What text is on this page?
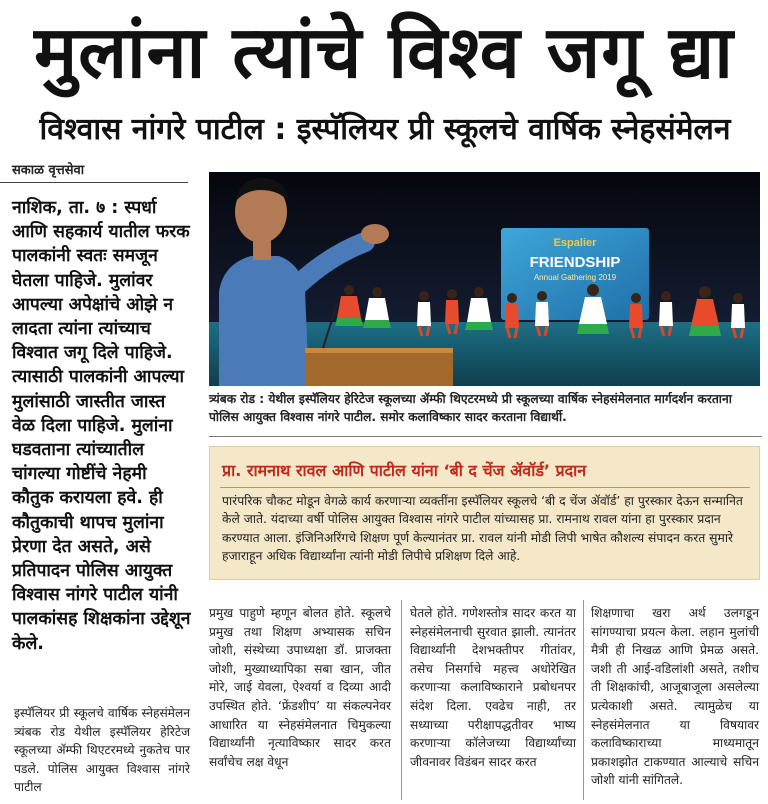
मुलांना त्यांचे विश्‍व जगू द्या
विश्‍वास नांगरे पाटील : इस्पॅलियर प्री स्कूलचे वार्षिक स्नेहसंमेलन
सकाळ वृत्तसेवा

नाशिक, ता. ७ : स्पर्धा आणि सहकार्य यातील फरक पालकांनी स्वतः समजून घेतला पाहिजे. मुलांवर आपल्या अपेक्षांचे ओझे न लादता त्यांना त्यांच्याच विश्‍वात जगू दिले पाहिजे. त्यासाठी पालकांनी आपल्या मुलांसाठी जास्तीत जास्त वेळ दिला पाहिजे. मुलांना घडवताना त्यांच्यातील चांगल्या गोष्टींचे नेहमी कौतुक करायला हवे. ही कौतुकाची थापच मुलांना प्रेरणा देत असते, असे प्रतिपादन पोलिस आयुक्त विश्‍वास नांगरे पाटील यांनी पालकांसह शिक्षकांना उद्देशून केले.

Espalier
FRIENDSHIP
Annual Gathering 2019

त्र्यंबक रोड : येथील इस्पॅलियर हेरिटेज स्कूलच्या ॲम्फी थिएटरमध्ये प्री स्कूलच्या वार्षिक स्नेहसंमेलनात मार्गदर्शन करताना पोलिस आयुक्त विश्‍वास नांगरे पाटील. समोर कलाविष्कार सादर करताना विद्यार्थी.

प्रा. रामनाथ रावल आणि पाटील यांना ‘बी द चेंज ॲवॉर्ड’ प्रदान

पारंपरिक चौकट मोडून वेगळे कार्य करणाऱ्या व्यक्तींना इस्पॅलियर स्कूलचे ‘बी द चेंज ॲवॉर्ड’ हा पुरस्कार देऊन सन्मानित केले जाते. यंदाच्या वर्षी पोलिस आयुक्त विश्‍वास नांगरे पाटील यांच्यासह प्रा. रामनाथ रावल यांना हा पुरस्कार प्रदान करण्यात आला. इंजिनिअरिंगचे शिक्षण पूर्ण केल्यानंतर प्रा. रावल यांनी मोडी लिपी भाषेत कौशल्य संपादन करत सुमारे हजाराहून अधिक विद्यार्थ्यांना त्यांनी मोडी लिपीचे प्रशिक्षण दिले आहे.

इस्पॅलियर प्री स्कूलचे वार्षिक स्नेहसंमेलन त्र्यंबक रोड येथील इस्पॅलियर हेरिटेज स्कूलच्या ॲम्फी थिएटरमध्ये नुकतेच पार पडले. पोलिस आयुक्त विश्‍वास नांगरे पाटील

प्रमुख पाहुणे म्हणून बोलत होते. स्कूलचे प्रमुख तथा शिक्षण अभ्यासक सचिन जोशी, संस्थेच्या उपाध्यक्षा डॉ. प्राजक्ता जोशी, मुख्याध्यापिका सबा खान, जीत मोरे, जाई येवला, ऐश्‍वर्या व दिव्या आदी उपस्थित होते. ‘फ्रेंडशीप’ या संकल्पनेवर आधारित या स्नेहसंमेलनात चिमुकल्या विद्यार्थ्यांनी नृत्याविष्कार सादर करत सर्वांचेच लक्ष वेधून

घेतले होते. गणेशस्तोत्र सादर करत या स्नेहसंमेलनाची सुरवात झाली. त्यानंतर विद्यार्थ्यांनी देशभक्तीपर गीतांवर, तसेच निसर्गाचे महत्त्व अधोरेखित करणाऱ्या कलाविष्काराने प्रबोधनपर संदेश दिला. एवढेच नाही, तर सध्याच्या परीक्षापद्धतीवर भाष्य करणाऱ्या कॉलेजच्या विद्यार्थ्यांच्या जीवनावर विडंबन सादर करत

शिक्षणाचा खरा अर्थ उलगडून सांगण्याचा प्रयत्न केला. लहान मुलांची मैत्री ही निखळ आणि प्रेमळ असते. जशी ती आई-वडिलांशी असते, तशीच ती शिक्षकांची, आजूबाजूला असलेल्या प्रत्येकाशी असते. त्यामुळेच या स्नेहसंमेलनात या विषयावर कलाविष्काराच्या माध्यमातून प्रकाशझोत टाकण्यात आल्याचे सचिन जोशी यांनी सांगितले.
